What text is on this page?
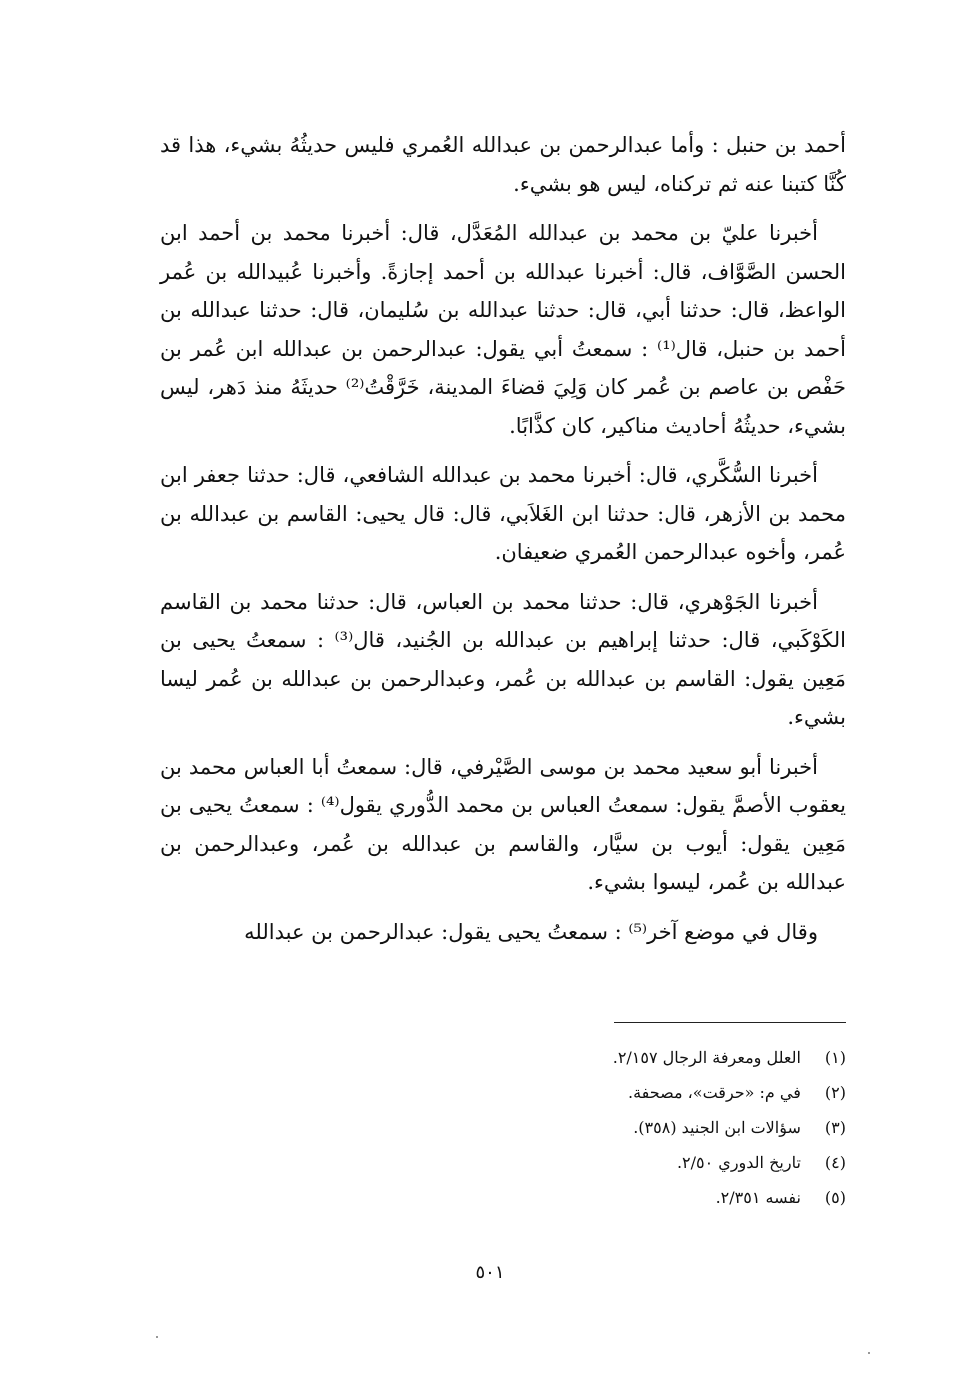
أحمد بن حنبل : وأما عبدالرحمن بن عبدالله العُمري فليس حديثُهُ بشيء، هذا قد كُنَّا كتبنا عنه ثم تركناه، ليس هو بشيء.

أخبرنا عليّ بن محمد بن عبدالله المُعَدَّل، قال: أخبرنا محمد بن أحمد ابن الحسن الصَّوَّاف، قال: أخبرنا عبدالله بن أحمد إجازةً. وأخبرنا عُبيدالله بن عُمر الواعظ، قال: حدثنا أبي، قال: حدثنا عبدالله بن سُليمان، قال: حدثنا عبدالله بن أحمد بن حنبل، قال⁽¹⁾ : سمعتُ أبي يقول: عبدالرحمن بن عبدالله ابن عُمر بن حَفْص بن عاصم بن عُمر كان وَلِيَ قضاءَ المدينة، خَرَّقْتُ⁽²⁾ حديثَهُ منذ دَهر، ليس بشيء، حديثُهُ أحاديث مناكير، كان كذَّابًا.

أخبرنا السُّكَّري، قال: أخبرنا محمد بن عبدالله الشافعي، قال: حدثنا جعفر ابن محمد بن الأزهر، قال: حدثنا ابن الغَلاَبي، قال: قال يحيى: القاسم بن عبدالله بن عُمر، وأخوه عبدالرحمن العُمري ضعيفان.

أخبرنا الجَوْهري، قال: حدثنا محمد بن العباس، قال: حدثنا محمد بن القاسم الكَوْكَبي، قال: حدثنا إبراهيم بن عبدالله بن الجُنيد، قال⁽³⁾ : سمعتُ يحيى بن مَعِين يقول: القاسم بن عبدالله بن عُمر، وعبدالرحمن بن عبدالله بن عُمر ليسا بشيء.

أخبرنا أبو سعيد محمد بن موسى الصَّيْرفي، قال: سمعتُ أبا العباس محمد بن يعقوب الأصمَّ يقول: سمعتُ العباس بن محمد الدُّوري يقول⁽⁴⁾ : سمعتُ يحيى بن مَعِين يقول: أيوب بن سيَّار، والقاسم بن عبدالله بن عُمر، وعبدالرحمن بن عبدالله بن عُمر، ليسوا بشيء.

وقال في موضع آخر⁽⁵⁾ : سمعتُ يحيى يقول: عبدالرحمن بن عبدالله

(١) العلل ومعرفة الرجال ٢/١٥٧.
(٢) في م: «حرقت»، مصحفة.
(٣) سؤالات ابن الجنيد (٣٥٨).
(٤) تاريخ الدوري ٢/٥٠.
(٥) نفسه ٢/٣٥١.
٥٠١
